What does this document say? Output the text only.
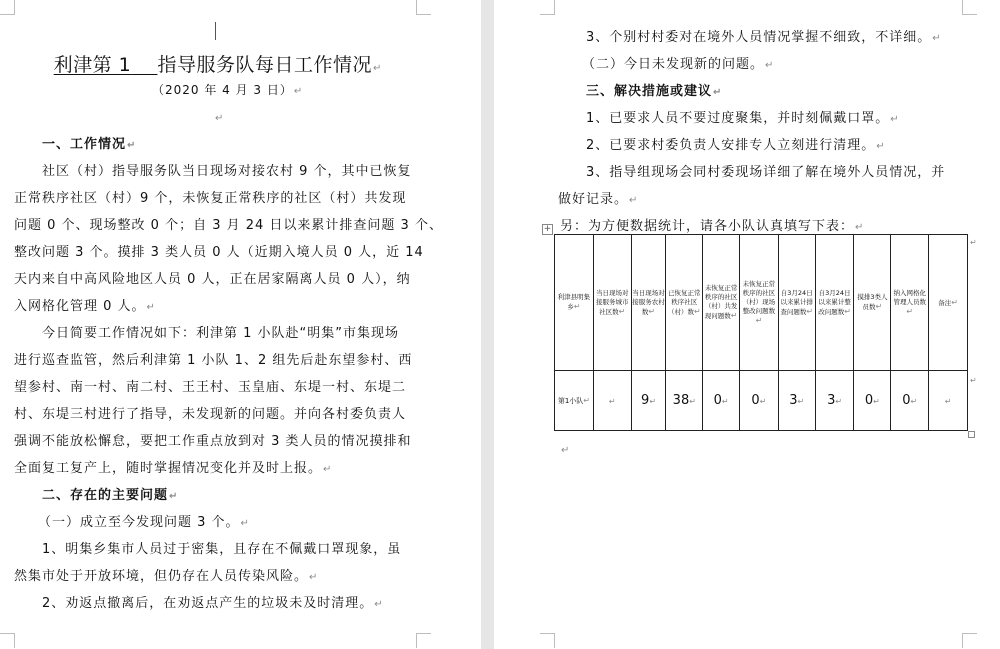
利津第 1 指导服务队每日工作情况↵
（2020 年 4 月 3 日）↵
↵
一、工作情况↵
社区（村）指导服务队当日现场对接农村 9 个，其中已恢复
正常秩序社区（村）9 个，未恢复正常秩序的社区（村）共发现
问题 0 个、现场整改 0 个；自 3 月 24 日以来累计排查问题 3 个、
整改问题 3 个。摸排 3 类人员 0 人（近期入境人员 0 人，近 14
天内来自中高风险地区人员 0 人，正在居家隔离人员 0 人），纳
入网格化管理 0 人。↵
今日简要工作情况如下：利津第 1 小队赴“明集”市集现场
进行巡查监管，然后利津第 1 小队 1、2 组先后赴东望参村、西
望参村、南一村、南二村、王王村、玉皇庙、东堤一村、东堤二
村、东堤三村进行了指导，未发现新的问题。并向各村委负责人
强调不能放松懈怠，要把工作重点放到对 3 类人员的情况摸排和
全面复工复产上，随时掌握情况变化并及时上报。↵
二、存在的主要问题↵
（一）成立至今发现问题 3 个。↵
1、明集乡集市人员过于密集，且存在不佩戴口罩现象，虽
然集市处于开放环境，但仍存在人员传染风险。↵
2、劝返点撤离后，在劝返点产生的垃圾未及时清理。↵
3、个别村村委对在境外人员情况掌握不细致，不详细。↵
（二）今日未发现新的问题。↵
三、解决措施或建议↵
1、已要求人员不要过度聚集，并时刻佩戴口罩。↵
2、已要求村委负责人安排专人立刻进行清理。↵
3、指导组现场会同村委现场详细了解在境外人员情况，并
做好记录。↵
另：为方便数据统计，请各小队认真填写下表：↵
+
利津县明集乡↵	当日现场对接服务城市社区数↵	当日现场对接服务农村数↵	已恢复正常秩序社区（村）数↵	未恢复正常秩序的社区（村）共发现问题数↵	未恢复正常秩序的社区（村）现场整改问题数↵	自3月24日以来累计排查问题数↵	自3月24日以来累计整改问题数↵	摸排3类人员数↵	纳入网格化管理人员数↵	备注↵
第1小队↵	↵	9↵	38↵	0↵	0↵	3↵	3↵	0↵	0↵	↵
↵
↵
↵
